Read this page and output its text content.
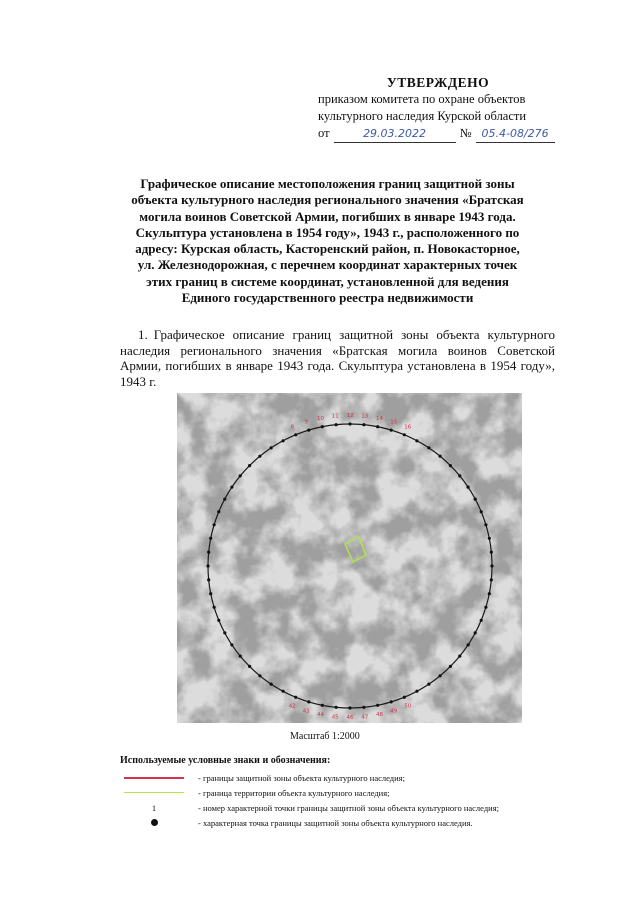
УТВЕРЖДЕНО
приказом комитета по охране объектов
культурного наследия Курской области
от	29.03.2022	№ 05.4-08/276
Графическое описание местоположения границ защитной зоны
объекта культурного наследия регионального значения «Братская
могила воинов Советской Армии, погибших в январе 1943 года.
Скульптура установлена в 1954 году», 1943 г., расположенного по
адресу: Курская область, Касторенский район, п. Новокасторное,
ул. Железнодорожная, с перечнем координат характерных точек
этих границ в системе координат, установленной для ведения
Единого государственного реестра недвижимости
1. Графическое описание границ защитной зоны объекта культурного наследия регионального значения «Братская могила воинов Советской Армии, погибших в январе 1943 года. Скульптура установлена в 1954 году», 1943 г.
8
9
10 11 12 13 14
15
16
50
49
48
47
46
45
44
43
42
Масштаб 1:2000
Используемые условные знаки и обозначения:
- границы защитной зоны объекта культурного наследия;
- граница территории объекта культурного наследия;
1	- номер характерной точки границы защитной зоны объекта культурного наследия;
- характерная точка границы защитной зоны объекта культурного наследия.
